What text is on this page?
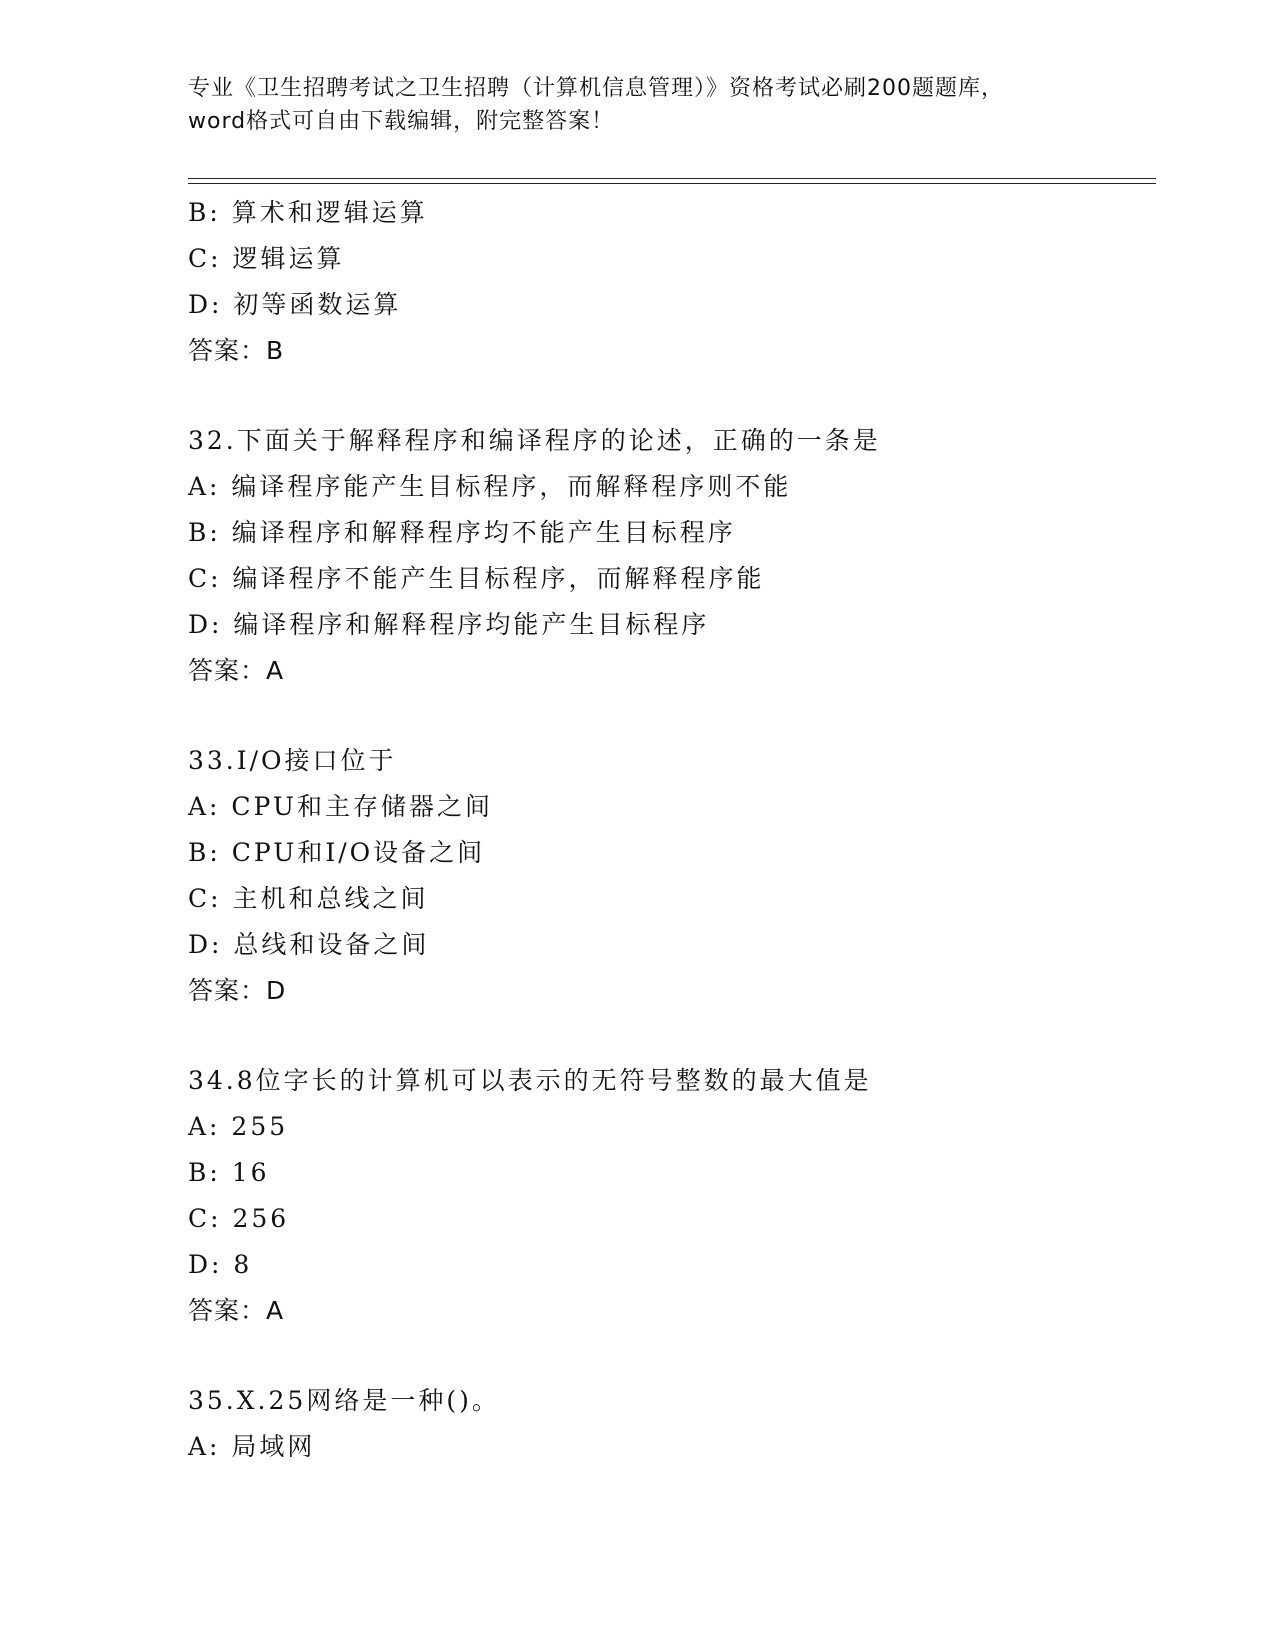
专业《卫生招聘考试之卫生招聘（计算机信息管理）》资格考试必刷200题题库，
word格式可自由下载编辑，附完整答案！
B: 算术和逻辑运算
C: 逻辑运算
D: 初等函数运算
答案：B
32.下面关于解释程序和编译程序的论述，正确的一条是
A: 编译程序能产生目标程序，而解释程序则不能
B: 编译程序和解释程序均不能产生目标程序
C: 编译程序不能产生目标程序，而解释程序能
D: 编译程序和解释程序均能产生目标程序
答案：A
33.I/O接口位于
A: CPU和主存储器之间
B: CPU和I/O设备之间
C: 主机和总线之间
D: 总线和设备之间
答案：D
34.8位字长的计算机可以表示的无符号整数的最大值是
A: 255
B: 16
C: 256
D: 8
答案：A
35.X.25网络是一种()。
A: 局域网
